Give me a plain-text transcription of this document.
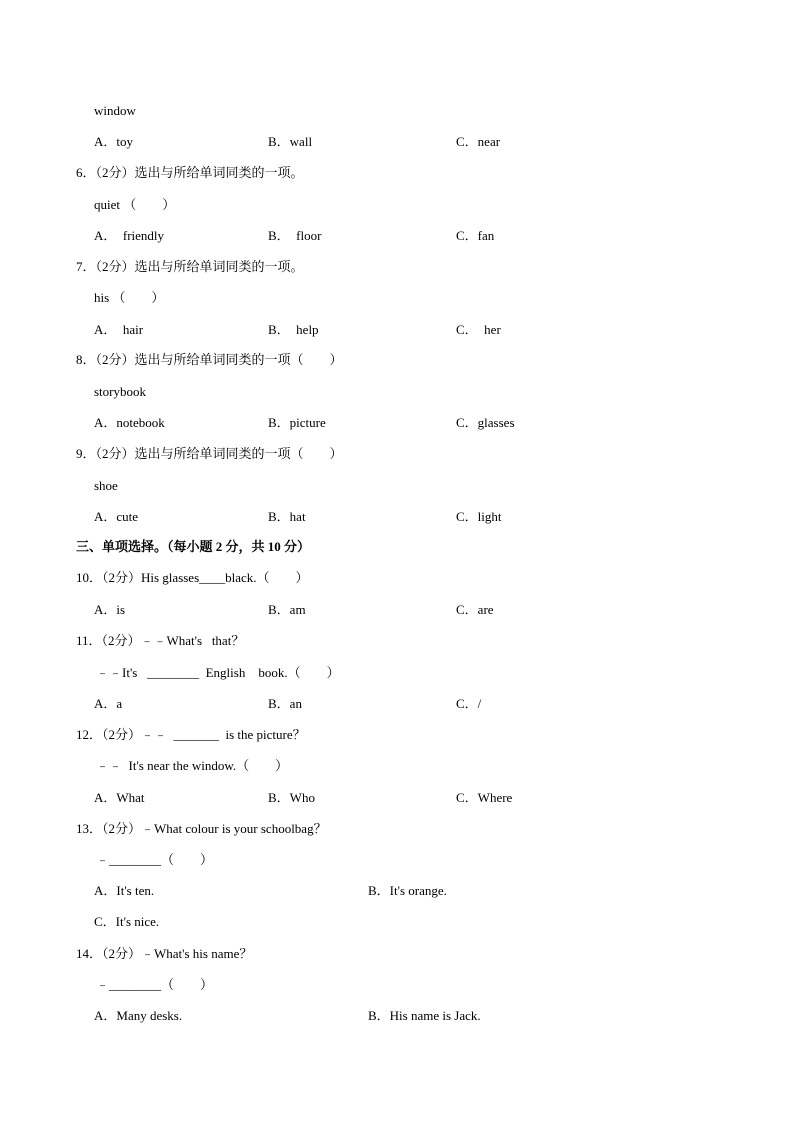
window
A．toy	B．wall	C．near
6．（2分）选出与所给单词同类的一项。
quiet （　　）
A．  friendly	B．  floor	C．fan
7．（2分）选出与所给单词同类的一项。
his （　　）
A．  hair	B．  help	C．  her
8．（2分）选出与所给单词同类的一项（　　）
storybook
A．notebook	B．picture	C．glasses
9．（2分）选出与所给单词同类的一项（　　）
shoe
A．cute	B．hat	C．light
三、单项选择。（每小题 2 分，共 10 分）
10．（2分）His glasses____black.（　　）
A．is	B．am	C．are
11．（2分）﹣﹣What's   that？
﹣﹣It's   ________  English    book.（　　）
A．a	B．an	C．/
12．（2分）﹣﹣  _______  is the picture？
﹣﹣  It's near the window.（　　）
A．What	B．Who	C．Where
13．（2分）﹣What colour is your schoolbag？
﹣________（　　）
A．It's ten.	B．It's orange.
C．It's nice.
14．（2分）﹣What's his name？
﹣________（　　）
A．Many desks.	B．His name is Jack.
